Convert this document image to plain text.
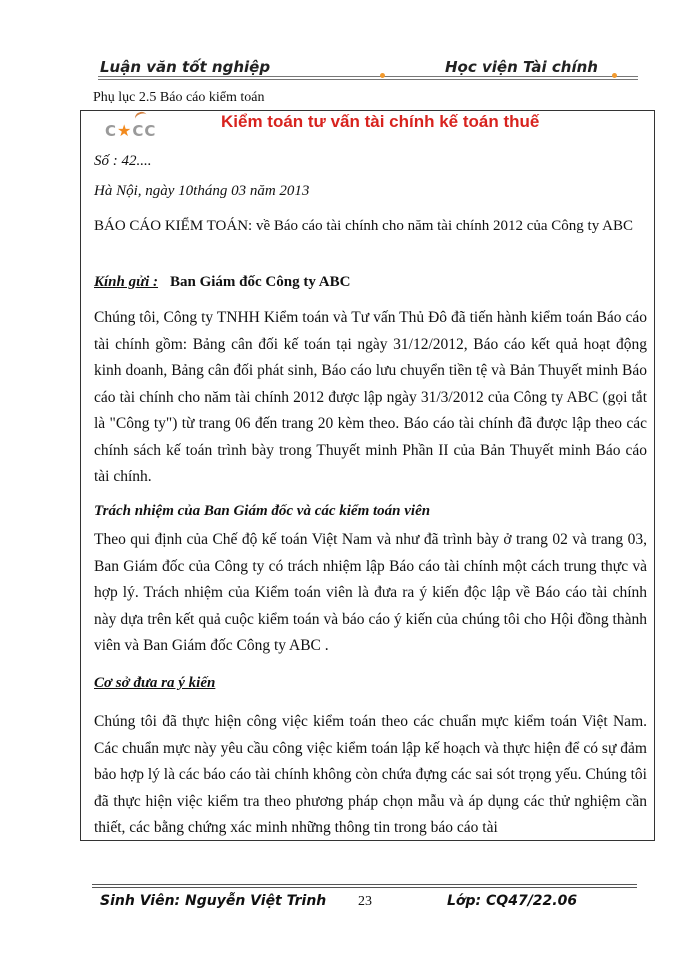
Luận văn tốt nghiệp	Học viện Tài chính
Phụ lục 2.5 Báo cáo kiểm toán
C★CC	Kiểm toán tư vấn tài chính kế toán thuế
Số : 42....
Hà Nội, ngày 10tháng 03 năm 2013
BÁO CÁO KIỂM TOÁN: về Báo cáo tài chính cho năm tài chính 2012 của Công ty ABC
Kính gửi : Ban Giám đốc Công ty ABC
Chúng tôi, Công ty TNHH Kiểm toán và Tư vấn Thủ Đô đã tiến hành kiểm toán Báo cáo tài chính gồm: Bảng cân đối kế toán tại ngày 31/12/2012, Báo cáo kết quả hoạt động kinh doanh, Bảng cân đối phát sinh, Báo cáo lưu chuyển tiền tệ và Bản Thuyết minh Báo cáo tài chính cho năm tài chính 2012 được lập ngày 31/3/2012 của Công ty ABC (gọi tắt là "Công ty") từ trang 06 đến trang 20 kèm theo. Báo cáo tài chính đã được lập theo các chính sách kế toán trình bày trong Thuyết minh Phần II của Bản Thuyết minh Báo cáo tài chính.
Trách nhiệm của Ban Giám đốc và các kiểm toán viên
Theo qui định của Chế độ kế toán Việt Nam và như đã trình bày ở trang 02 và trang 03, Ban Giám đốc của Công ty có trách nhiệm lập Báo cáo tài chính một cách trung thực và hợp lý. Trách nhiệm của Kiểm toán viên là đưa ra ý kiến độc lập về Báo cáo tài chính này dựa trên kết quả cuộc kiểm toán và báo cáo ý kiến của chúng tôi cho Hội đồng thành viên và Ban Giám đốc Công ty ABC .
Cơ sở đưa ra ý kiến
Chúng tôi đã thực hiện công việc kiểm toán theo các chuẩn mực kiểm toán Việt Nam. Các chuẩn mực này yêu cầu công việc kiểm toán lập kế hoạch và thực hiện để có sự đảm bảo hợp lý là các báo cáo tài chính không còn chứa đựng các sai sót trọng yếu. Chúng tôi đã thực hiện việc kiểm tra theo phương pháp chọn mẫu và áp dụng các thử nghiệm cần thiết, các bằng chứng xác minh những thông tin trong báo cáo tài
Sinh Viên: Nguyễn Việt Trinh 23	Lớp: CQ47/22.06
